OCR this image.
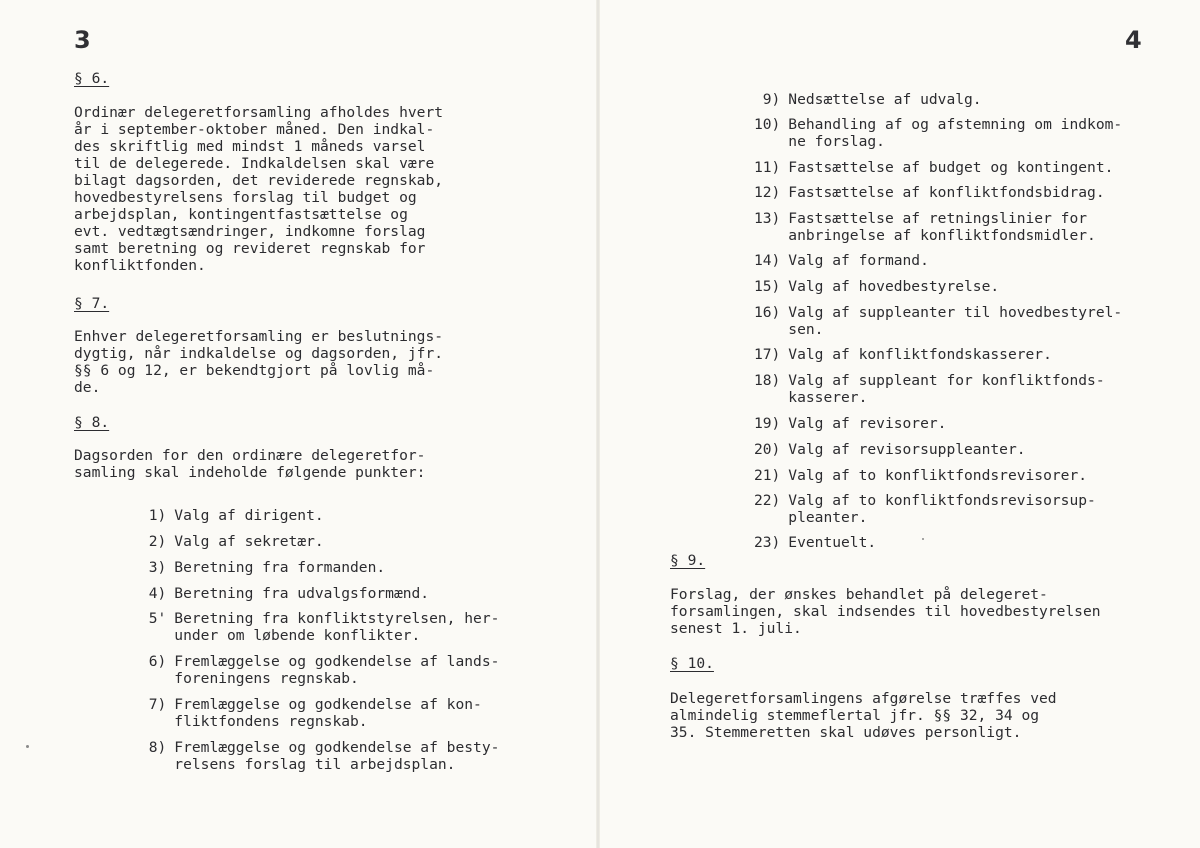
3
§ 6.
Ordinær delegeretforsamling afholdes hvert
år i september-oktober måned. Den indkal-
des skriftlig med mindst 1 måneds varsel
til de delegerede. Indkaldelsen skal være
bilagt dagsorden, det reviderede regnskab,
hovedbestyrelsens forslag til budget og
arbejdsplan, kontingentfastsættelse og
evt. vedtægtsændringer, indkomne forslag
samt beretning og revideret regnskab for
konfliktfonden.
§ 7.
Enhver delegeretforsamling er beslutnings-
dygtig, når indkaldelse og dagsorden, jfr.
§§ 6 og 12, er bekendtgjort på lovlig må-
de.
§ 8.
Dagsorden for den ordinære delegeretfor-
samling skal indeholde følgende punkter:

1) Valg af dirigent.

2) Valg af sekretær.

3) Beretning fra formanden.

4) Beretning fra udvalgsformænd.

5' Beretning fra konfliktstyrelsen, her-
under om løbende konflikter.

6) Fremlæggelse og godkendelse af lands-
foreningens regnskab.

7) Fremlæggelse og godkendelse af kon-
fliktfondens regnskab.

8) Fremlæggelse og godkendelse af besty-
relsens forslag til arbejdsplan.

4

9) Nedsættelse af udvalg.

10) Behandling af og afstemning om indkom-
ne forslag.

11) Fastsættelse af budget og kontingent.

12) Fastsættelse af konfliktfondsbidrag.

13) Fastsættelse af retningslinier for
anbringelse af konfliktfondsmidler.

14) Valg af formand.

15) Valg af hovedbestyrelse.

16) Valg af suppleanter til hovedbestyrel-
sen.

17) Valg af konfliktfondskasserer.

18) Valg af suppleant for konfliktfonds-
kasserer.

19) Valg af revisorer.

20) Valg af revisorsuppleanter.

21) Valg af to konfliktfondsrevisorer.

22) Valg af to konfliktfondsrevisorsup-
pleanter.

23) Eventuelt.

§ 9.
Forslag, der ønskes behandlet på delegeret-
forsamlingen, skal indsendes til hovedbestyrelsen
senest 1. juli.
§ 10.
Delegeretforsamlingens afgørelse træffes ved
almindelig stemmeflertal jfr. §§ 32, 34 og
35. Stemmeretten skal udøves personligt.
